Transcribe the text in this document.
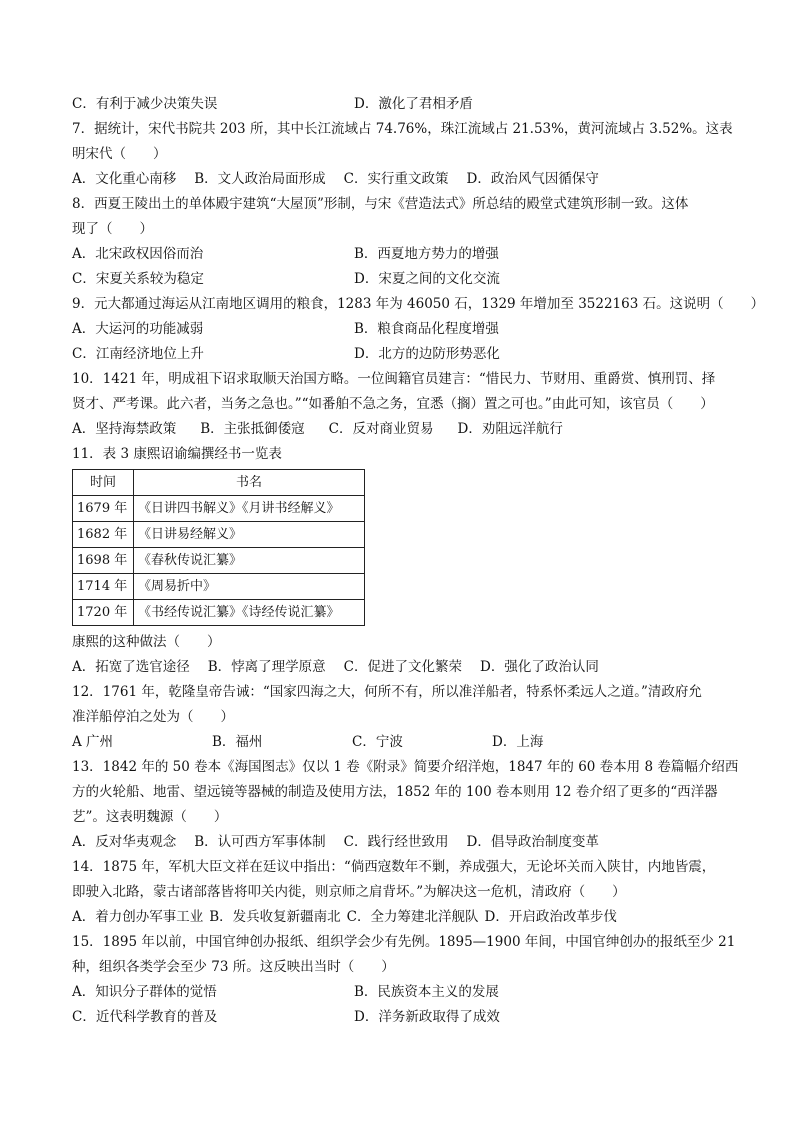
C．有利于减少决策失误	D．激化了君相矛盾
7．据统计，宋代书院共 203 所，其中长江流域占 74.76%，珠江流域占 21.53%，黄河流域占 3.52%。这表
明宋代（　　）
A．文化重心南移 B．文人政治局面形成 C．实行重文政策 D．政治风气因循保守
8．西夏王陵出土的单体殿宇建筑“大屋顶”形制，与宋《营造法式》所总结的殿堂式建筑形制一致。这体
现了（　　）
A．北宋政权因俗而治	B．西夏地方势力的增强
C．宋夏关系较为稳定	D．宋夏之间的文化交流
9．元大都通过海运从江南地区调用的粮食，1283 年为 46050 石，1329 年增加至 3522163 石。这说明（　　）
A．大运河的功能减弱	B．粮食商品化程度增强
C．江南经济地位上升	D．北方的边防形势恶化
10．1421 年，明成祖下诏求取顺天治国方略。一位闽籍官员建言：“惜民力、节财用、重爵赏、慎刑罚、择
贤才、严考课。此六者，当务之急也。”“如番舶不急之务，宜悉（搁）置之可也。”由此可知，该官员（　　）
A．坚持海禁政策 B．主张抵御倭寇 C．反对商业贸易 D．劝阻远洋航行
11．表 3 康熙诏谕编撰经书一览表
时间	书名
1679 年	《日讲四书解义》《月讲书经解义》
1682 年	《日讲易经解义》
1698 年	《春秋传说汇纂》
1714 年	《周易折中》
1720 年	《书经传说汇纂》《诗经传说汇纂》
康熙的这种做法（　　）
A．拓宽了选官途径 B．悖离了理学原意 C．促进了文化繁荣 D．强化了政治认同
12．1761 年，乾隆皇帝告诫：“国家四海之大，何所不有，所以准洋船者，特系怀柔远人之道。”清政府允
准洋船停泊之处为（　　）
A 广州	B．福州	C．宁波	D．上海
13．1842 年的 50 卷本《海国图志》仅以 1 卷《附录》简要介绍洋炮，1847 年的 60 卷本用 8 卷篇幅介绍西
方的火轮船、地雷、望远镜等器械的制造及使用方法，1852 年的 100 卷本则用 12 卷介绍了更多的“西洋器
艺”。这表明魏源（　　）
A．反对华夷观念 B．认可西方军事体制 C．践行经世致用 D．倡导政治制度变革
14．1875 年，军机大臣文祥在廷议中指出：“倘西寇数年不剿，养成强大，无论坏关而入陕甘，内地皆震，
即驶入北路，蒙古诸部落皆将叩关内徙，则京师之肩背坏。”为解决这一危机，清政府（　　）
A．着力创办军事工业 B．发兵收复新疆南北 C．全力筹建北洋舰队 D．开启政治改革步伐
15．1895 年以前，中国官绅创办报纸、组织学会少有先例。1895—1900 年间，中国官绅创办的报纸至少 21
种，组织各类学会至少 73 所。这反映出当时（　　）
A．知识分子群体的觉悟	B．民族资本主义的发展
C．近代科学教育的普及	D．洋务新政取得了成效
